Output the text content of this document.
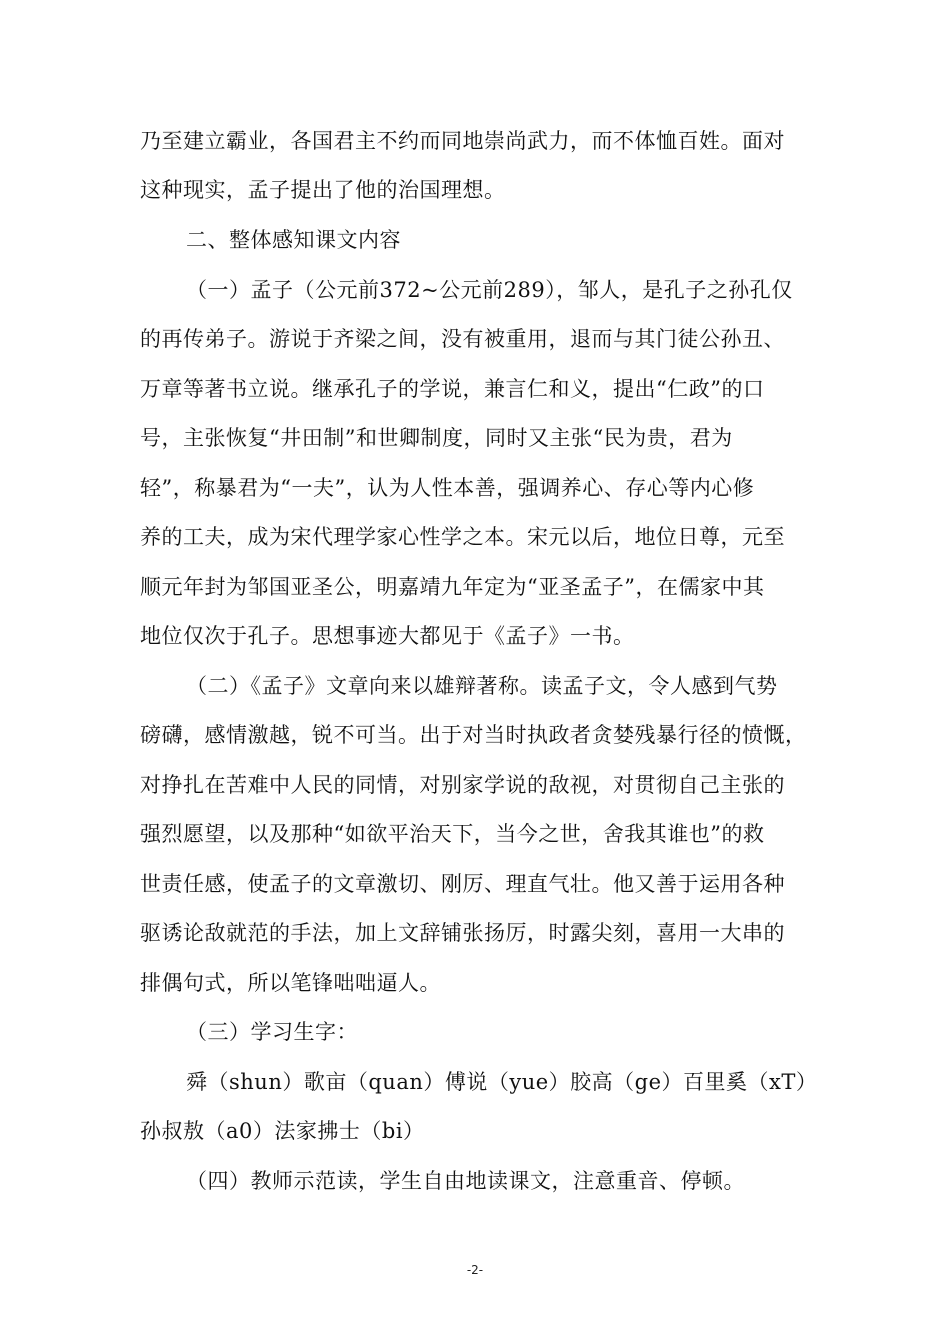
乃至建立霸业，各国君主不约而同地崇尚武力，而不体恤百姓。面对
这种现实，孟子提出了他的治国理想。
二、整体感知课文内容
（一）孟子（公元前372~公元前289），邹人，是孔子之孙孔仅
的再传弟子。游说于齐梁之间，没有被重用，退而与其门徒公孙丑、
万章等著书立说。继承孔子的学说，兼言仁和义，提出“仁政”的口
号，主张恢复“井田制”和世卿制度，同时又主张“民为贵，君为
轻”，称暴君为“一夫”，认为人性本善，强调养心、存心等内心修
养的工夫，成为宋代理学家心性学之本。宋元以后，地位日尊，元至
顺元年封为邹国亚圣公，明嘉靖九年定为“亚圣孟子”，在儒家中其
地位仅次于孔子。思想事迹大都见于《孟子》一书。
（二）《孟子》文章向来以雄辩著称。读孟子文，令人感到气势
磅礴，感情激越，锐不可当。出于对当时执政者贪婪残暴行径的愤慨，
对挣扎在苦难中人民的同情，对别家学说的敌视，对贯彻自己主张的
强烈愿望，以及那种“如欲平治天下，当今之世，舍我其谁也”的救
世责任感，使孟子的文章激切、刚厉、理直气壮。他又善于运用各种
驱诱论敌就范的手法，加上文辞铺张扬厉，时露尖刻，喜用一大串的
排偶句式，所以笔锋咄咄逼人。
（三）学习生字：
舜（shun）歌亩（quan）傅说（yue）胶高（ge）百里奚（xT）
孙叔敖（a0）法家拂士（bi）
（四）教师示范读，学生自由地读课文，注意重音、停顿。
-2-
